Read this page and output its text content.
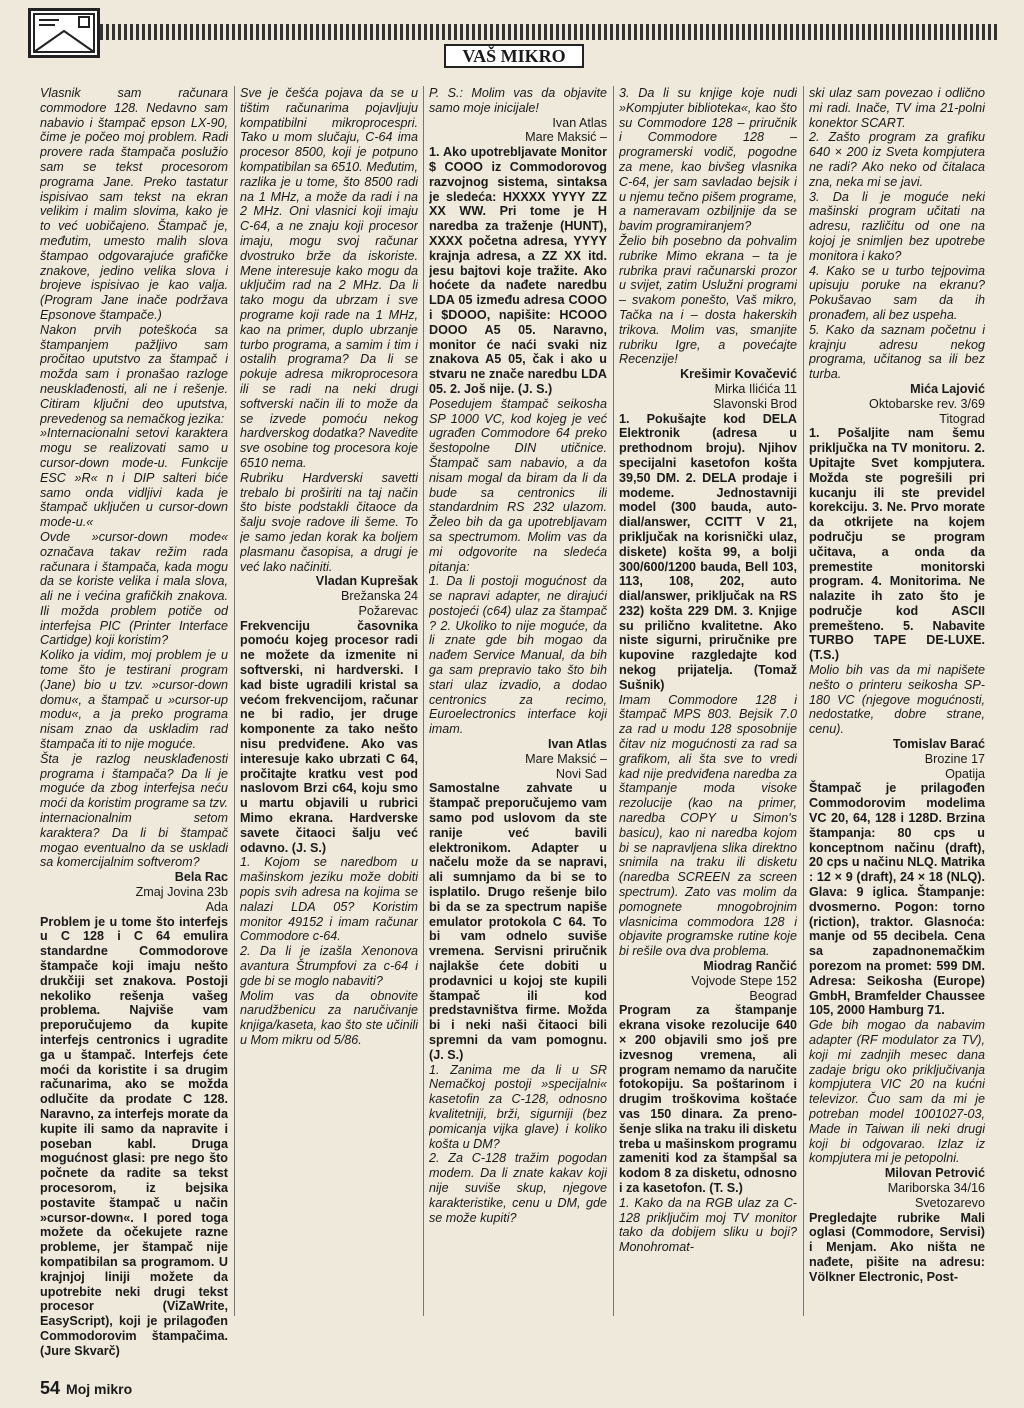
VAŠ MIKRO

Vlasnik sam računara commodore 128. Nedavno sam nabavio i štampač epson LX-90, čime je počeo moj problem. Radi provere rada štampača poslužio sam se tekst procesorom programa Jane. Preko tastatur ispisivao sam tekst na ekran velikim i malim slovima, kako je to već uobičajeno. Štampač je, međutim, umesto malih slova štampao odgovarajuće grafičke znakove, jedino velika slova i brojeve ispisivao je kao valja. (Program Jane inače podržava Epsonove štampače.)

Nakon prvih poteškoća sa štampanjem pažljivo sam pročitao uputstvo za štampač i možda sam i pronašao razloge neusklađenosti, ali ne i rešenje. Citiram ključni deo uputstva, prevedenog sa nemačkog jezika:

»Internacionalni setovi karaktera mogu se realizovati samo u cursor-down mode-u. Funkcije ESC »R« n i DIP salteri biće samo onda vidljivi kada je štampač uključen u cursor-down mode-u.«

Ovde »cursor-down mode« označava takav režim rada računara i štampača, kada mogu da se koriste velika i mala slova, ali ne i većina grafičkih znakova. Ili možda problem potiče od interfejsa PIC (Printer Interface Cartidge) koji koristim?

Koliko ja vidim, moj problem je u tome što je testirani program (Jane) bio u tzv. »cursor-down domu«, a štampač u »cursor-up modu«, a ja preko programa nisam znao da uskladim rad štampača iti to nije moguće.

Šta je razlog neusklađenosti programa i štampača? Da li je moguće da zbog interfejsa neću moći da koristim programe sa tzv. internacionalnim setom karaktera? Da li bi štampač mogao eventualno da se uskladi sa komercijalnim softverom?

Bela Rac

Zmaj Jovina 23b

Ada

Problem je u tome što interfejs u C 128 i C 64 emulira standardne Commodorove štampače koji imaju nešto drukčiji set znakova. Postoji nekoliko rešenja vašeg problema. Najviše vam preporučujemo da kupite interfejs centronics i ugradite ga u štampač. Interfejs ćete moći da koristite i sa drugim računarima, ako se možda odlučite da prodate C 128. Naravno, za interfejs morate da kupite ili samo da napravite i poseban kabl. Druga mogućnost glasi: pre nego što počnete da radite sa tekst procesorom, iz bejsika postavite štampač u način »cursor-down«. I pored toga možete da očekujete razne probleme, jer štampač nije kompatibilan sa programom. U krajnjoj liniji možete da upotrebite neki drugi tekst procesor (ViZaWrite, EasyScript), koji je prilagođen Commodorovim štampačima. (Jure Skvarč)

Sve je češća pojava da se u tištim računarima pojavljuju kompatibilni mikroprocespri. Tako u mom slučaju, C-64 ima procesor 8500, koji je potpuno kompatibilan sa 6510. Međutim, razlika je u tome, što 8500 radi na 1 MHz, a može da radi i na 2 MHz. Oni vlasnici koji imaju C-64, a ne znaju koji procesor imaju, mogu svoj računar dvostruko brže da iskoriste. Mene interesuje kako mogu da uključim rad na 2 MHz. Da li tako mogu da ubrzam i sve programe koji rade na 1 MHz, kao na primer, duplo ubrzanje turbo programa, a samim i tim i ostalih programa? Da li se pokuje adresa mikroprocesora ili se radi na neki drugi softverski način ili to može da se izvede pomoću nekog hardverskog dodatka? Navedite sve osobine tog procesora koje 6510 nema.

Rubriku Hardverski savetti trebalo bi proširiti na taj način što biste podstakli čitaoce da šalju svoje radove ili šeme. To je samo jedan korak ka boljem plasmanu časopisa, a drugi je već lako načiniti.

Vladan Kuprešak

Brežanska 24

Požarevac

Frekvenciju časovnika pomoću kojeg procesor radi ne možete da izmenite ni softverski, ni hardverski. I kad biste ugradili kristal sa većom frekvencijom, računar ne bi radio, jer druge komponente za tako nešto nisu predviđene. Ako vas interesuje kako ubrzati C 64, pročitajte kratku vest pod naslovom Brzi c64, koju smo u martu objavili u rubrici Mimo ekrana. Hardverske savete čitaoci šalju već odavno. (J. S.)

1. Kojom se naredbom u mašinskom jeziku može dobiti popis svih adresa na kojima se nalazi LDA 05? Koristim monitor 49152 i imam računar Commodore c-64.

2. Da li je izašla Xenonova avantura Štrumpfovi za c-64 i gde bi se moglo nabaviti?

Molim vas da obnovite narudžbenicu za naručivanje knjiga/kaseta, kao što ste učinili u Mom mikru od 5/86.

P. S.: Molim vas da objavite samo moje inicijale!

Ivan Atlas

Mare Maksić –

1. Ako upotrebljavate Monitor $ COOO iz Commodorovog razvojnog sistema, sintaksa je sledeća: HXXXX YYYY ZZ XX WW. Pri tome je H naredba za traženje (HUNT), XXXX početna adresa, YYYY krajnja adresa, a ZZ XX itd. jesu bajtovi koje tražite. Ako hoćete da nađete naredbu LDA 05 između adresa COOO i $DOOO, napišite: HCOOO DOOO A5 05. Naravno, monitor će naći svaki niz znakova A5 05, čak i ako u stvaru ne znače naredbu LDA 05. 2. Još nije. (J. S.)

Posedujem štampač seikosha SP 1000 VC, kod kojeg je već ugrađen Commodore 64 preko šestopolne DIN utičnice. Štampač sam nabavio, a da nisam mogal da biram da li da bude sa centronics ili standardnim RS 232 ulazom. Želeo bih da ga upotrebljavam sa spectrumom. Molim vas da mi odgovorite na sledeća pitanja:

1. Da li postoji mogućnost da se napravi adapter, ne dirajući postojeći (c64) ulaz za štampač ? 2. Ukoliko to nije moguće, da li znate gde bih mogao da nađem Service Manual, da bih ga sam prepravio tako što bih stari ulaz izvadio, a dodao centronics za recimo, Euroelectronics interface koji imam.

Ivan Atlas

Mare Maksić –

Novi Sad

Samostalne zahvate u štampač preporučujemo vam samo pod uslovom da ste ranije već bavili elektronikom. Adapter u načelu može da se napravi, ali sumnjamo da bi se to isplatilo. Drugo rešenje bilo bi da se za spectrum napiše emulator protokola C 64. To bi vam odnelo suviše vremena. Servisni priručnik najlakše ćete dobiti u prodavnici u kojoj ste kupili štampač ili kod predstavništva firme. Možda bi i neki naši čitaoci bili spremni da vam pomognu. (J. S.)

1. Zanima me da li u SR Nemačkoj postoji »specijalni« kasetofin za C-128, odnosno kvalitetniji, brži, sigurniji (bez pomicanja vijka glave) i koliko košta u DM?

2. Za C-128 tražim pogodan modem. Da li znate kakav koji nije suviše skup, njegove karakteristike, cenu u DM, gde se može kupiti?

3. Da li su knjige koje nudi »Kompjuter biblioteka«, kao što su Commodore 128 – priručnik i Commodore 128 – programerski vodič, pogodne za mene, kao bivšeg vlasnika C-64, jer sam savladao bejsik i u njemu tečno pišem programe, a nameravam ozbiljnije da se bavim programiranjem?

Želio bih posebno da pohvalim rubrike Mimo ekrana – ta je rubrika pravi računarski prozor u svijet, zatim Uslužni programi – svakom ponešto, Vaš mikro, Tačka na i – dosta hakerskih trikova. Molim vas, smanjite rubriku Igre, a povećajte Recenzije!

Krešimir Kovačević

Mirka Ilićića 11

Slavonski Brod

1. Pokušajte kod DELA Elektronik (adresa u prethodnom broju). Njihov specijalni kasetofon košta 39,50 DM. 2. DELA prodaje i modeme. Jednostavniji model (300 bauda, auto-dial/answer, CCITT V 21, priključak na korisnički ulaz, diskete) košta 99, a bolji 300/600/1200 bauda, Bell 103, 113, 108, 202, auto dial/answer, priključak na RS 232) košta 229 DM. 3. Knjige su prilično kvalitetne. Ako niste sigurni, priručnike pre kupovine razgledajte kod nekog prijatelja. (Tomaž Sušnik)

Imam Commodore 128 i štampač MPS 803. Bejsik 7.0 za rad u modu 128 sposobnije čitav niz mogućnosti za rad sa grafikom, ali šta sve to vredi kad nije predviđena naredba za štampanje moda visoke rezolucije (kao na primer, naredba COPY u Simon's basicu), kao ni naredba kojom bi se napravljena slika direktno snimila na traku ili disketu (naredba SCREEN za screen spectrum). Zato vas molim da pomognete mnogobrojnim vlasnicima commodora 128 i objavite programske rutine koje bi rešile ova dva problema.

Miodrag Rančić

Vojvode Stepe 152

Beograd

Program za štampanje ekrana visoke rezolucije 640 × 200 objavili smo još pre izvesnog vremena, ali program nemamo da naručite fotokopiju. Sa poštarinom i drugim troškovima koštaće vas 150 dinara. Za prenošenje slika na traku ili disketu treba u mašinskom programu zameniti kod za štampšal sa kodom 8 za disketu, odnosno i za kasetofon. (T. S.)

1. Kako da na RGB ulaz za C-128 priključim moj TV monitor tako da dobijem sliku u boji? Monohromat-

ski ulaz sam povezao i odlično mi radi. Inače, TV ima 21-polni konektor SCART.

2. Zašto program za grafiku 640 × 200 iz Sveta kompjutera ne radi? Ako neko od čitalaca zna, neka mi se javi.

3. Da li je moguće neki mašinski program učitati na adresu, različitu od one na kojoj je snimljen bez upotrebe monitora i kako?

4. Kako se u turbo tejpovima upisuju poruke na ekranu? Pokušavao sam da ih pronađem, ali bez uspeha.

5. Kako da saznam početnu i krajnju adresu nekog programa, učitanog sa ili bez turba.

Mića Lajović

Oktobarske rev. 3/69

Titograd

1. Pošaljite nam šemu priključka na TV monitoru. 2. Upitajte Svet kompjutera. Možda ste pogrešili pri kucanju ili ste previdel korekciju. 3. Ne. Prvo morate da otkrijete na kojem području se program učitava, a onda da premestite monitorski program. 4. Monitorima. Ne nalazite ih zato što je područje kod ASCII premešteno. 5. Nabavite TURBO TAPE DE-LUXE. (T.S.)

Molio bih vas da mi napišete nešto o printeru seikosha SP-180 VC (njegove mogućnosti, nedostatke, dobre strane, cenu).

Tomislav Barać

Brozine 17

Opatija

Štampač je prilagođen Commodorovim modelima VC 20, 64, 128 i 128D. Brzina štampanja: 80 cps u konceptnom načinu (draft), 20 cps u načinu NLQ. Matrika : 12 × 9 (draft), 24 × 18 (NLQ). Glava: 9 iglica. Štampanje: dvosmerno. Pogon: torno (riction), traktor. Glasnoća: manje od 55 decibela. Cena sa zapadnonemačkim porezom na promet: 599 DM. Adresa: Seikosha (Europe) GmbH, Bramfelder Chaussee 105, 2000 Hamburg 71.

Gde bih mogao da nabavim adapter (RF modulator za TV), koji mi zadnjih mesec dana zadaje brigu oko priključivanja kompjutera VIC 20 na kućni televizor. Čuo sam da mi je potreban model 1001027-03, Made in Taiwan ili neki drugi koji bi odgovarao. Izlaz iz kompjutera mi je petopolni.

Milovan Petrović

Mariborska 34/16

Svetozarevo

Pregledajte rubrike Mali oglasi (Commodore, Servisi) i Menjam. Ako ništa ne nađete, pišite na adresu: Völkner Electronic, Post-

54 Moj mikro
